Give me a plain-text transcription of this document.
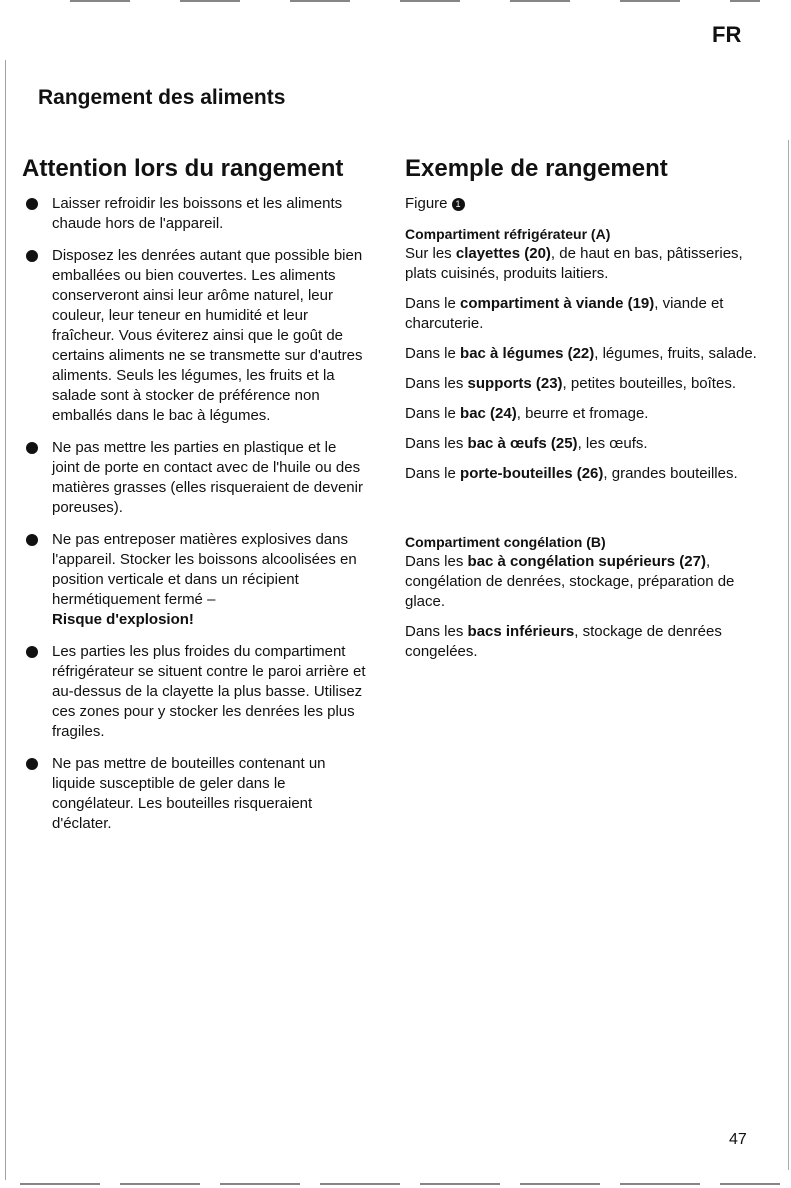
FR
Rangement des aliments
Attention lors du rangement
Laisser refroidir les boissons et les aliments chaude hors de l'appareil.
Disposez les denrées autant que possible bien emballées ou bien couvertes. Les aliments conserveront ainsi leur arôme naturel, leur couleur, leur teneur en humidité et leur fraîcheur. Vous éviterez ainsi que le goût de certains aliments ne se transmette sur d'autres aliments. Seuls les légumes, les fruits et la salade sont à stocker de préférence non emballés dans le bac à légumes.
Ne pas mettre les parties en plastique et le joint de porte en contact avec de l'huile ou des matières grasses (elles risqueraient de devenir poreuses).
Ne pas entreposer matières explosives dans l'appareil. Stocker les boissons alcoolisées en position verticale et dans un récipient hermétiquement fermé –
Risque d'explosion!
Les parties les plus froides du compartiment réfrigérateur se situent contre le paroi arrière et au-dessus de la clayette la plus basse. Utilisez ces zones pour y stocker les denrées les plus fragiles.
Ne pas mettre de bouteilles contenant un liquide susceptible de geler dans le congélateur. Les bouteilles risqueraient d'éclater.
Exemple de rangement
Figure 1
Compartiment réfrigérateur (A)

Sur les clayettes (20), de haut en bas, pâtisseries, plats cuisinés, produits laitiers.

Dans le compartiment à viande (19), viande et charcuterie.

Dans le bac à légumes (22), légumes, fruits, salade.

Dans les supports (23), petites bouteilles, boîtes.

Dans le bac (24), beurre et fromage.

Dans les bac à œufs (25), les œufs.

Dans le porte-bouteilles (26), grandes bouteilles.

Compartiment congélation (B)

Dans les bac à congélation supérieurs (27), congélation de denrées, stockage, préparation de glace.

Dans les bacs inférieurs, stockage de denrées congelées.

47
